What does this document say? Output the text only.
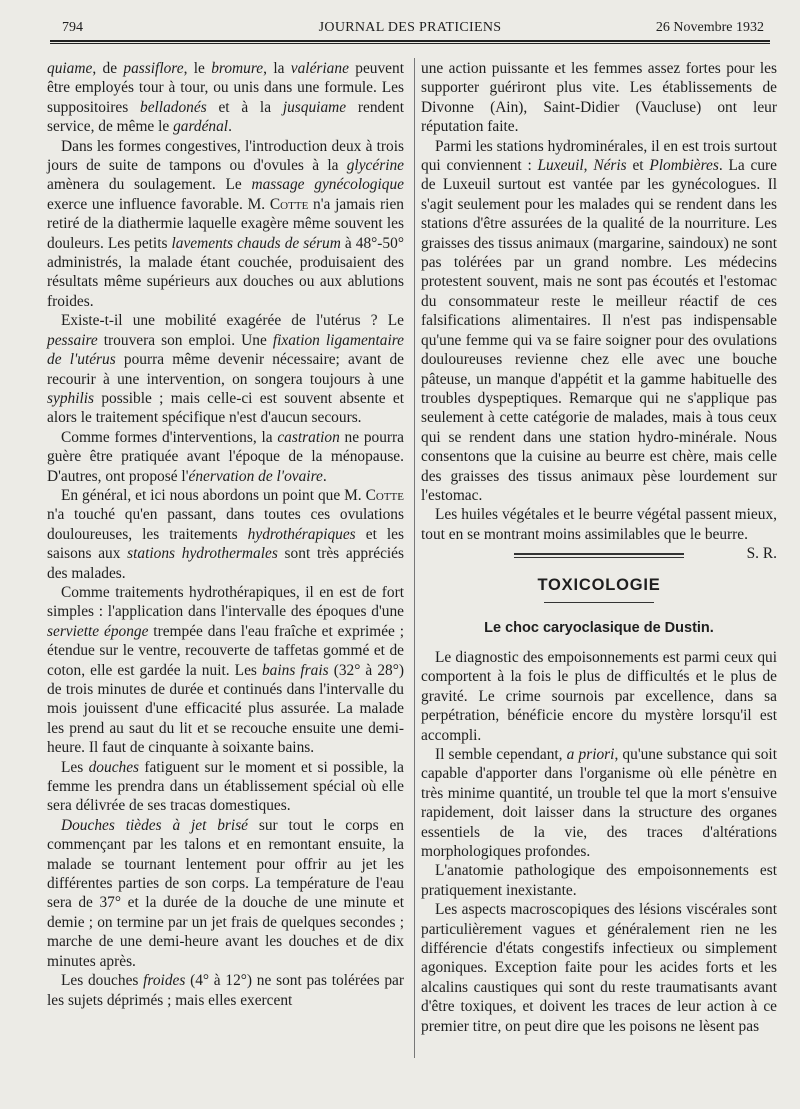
794	JOURNAL DES PRATICIENS	26 Novembre 1932

quiame, de passiflore, le bromure, la valériane peuvent être employés tour à tour, ou unis dans une formule. Les suppositoires belladonés et à la jusquiame rendent service, de même le gardénal.

Dans les formes congestives, l'introduction deux à trois jours de suite de tampons ou d'ovules à la glycérine amènera du soulagement. Le massage gynécologique exerce une influence favorable. M. Cotte n'a jamais rien retiré de la diathermie laquelle exagère même souvent les douleurs. Les petits lavements chauds de sérum à 48°-50° administrés, la malade étant couchée, produisaient des résultats même supérieurs aux douches ou aux ablutions froides.

Existe-t-il une mobilité exagérée de l'utérus ? Le pessaire trouvera son emploi. Une fixation ligamentaire de l'utérus pourra même devenir nécessaire; avant de recourir à une intervention, on songera toujours à une syphilis possible ; mais celle-ci est souvent absente et alors le traitement spécifique n'est d'aucun secours.

Comme formes d'interventions, la castration ne pourra guère être pratiquée avant l'époque de la ménopause. D'autres, ont proposé l'énervation de l'ovaire.

En général, et ici nous abordons un point que M. Cotte n'a touché qu'en passant, dans toutes ces ovulations douloureuses, les traitements hydrothérapiques et les saisons aux stations hydrothermales sont très appréciés des malades.

Comme traitements hydrothérapiques, il en est de fort simples : l'application dans l'intervalle des époques d'une serviette éponge trempée dans l'eau fraîche et exprimée ; étendue sur le ventre, recouverte de taffetas gommé et de coton, elle est gardée la nuit. Les bains frais (32° à 28°) de trois minutes de durée et continués dans l'intervalle du mois jouissent d'une efficacité plus assurée. La malade les prend au saut du lit et se recouche ensuite une demi-heure. Il faut de cinquante à soixante bains.

Les douches fatiguent sur le moment et si possible, la femme les prendra dans un établissement spécial où elle sera délivrée de ses tracas domestiques.

Douches tièdes à jet brisé sur tout le corps en commençant par les talons et en remontant ensuite, la malade se tournant lentement pour offrir au jet les différentes parties de son corps. La température de l'eau sera de 37° et la durée de la douche de une minute et demie ; on termine par un jet frais de quelques secondes ; marche de une demi-heure avant les douches et de dix minutes après.

Les douches froides (4° à 12°) ne sont pas tolérées par les sujets déprimés ; mais elles exercent

une action puissante et les femmes assez fortes pour les supporter guériront plus vite. Les établissements de Divonne (Ain), Saint-Didier (Vaucluse) ont leur réputation faite.

Parmi les stations hydrominérales, il en est trois surtout qui conviennent : Luxeuil, Néris et Plombières. La cure de Luxeuil surtout est vantée par les gynécologues. Il s'agit seulement pour les malades qui se rendent dans les stations d'être assurées de la qualité de la nourriture. Les graisses des tissus animaux (margarine, saindoux) ne sont pas tolérées par un grand nombre. Les médecins protestent souvent, mais ne sont pas écoutés et l'estomac du consommateur reste le meilleur réactif de ces falsifications alimentaires. Il n'est pas indispensable qu'une femme qui va se faire soigner pour des ovulations douloureuses revienne chez elle avec une bouche pâteuse, un manque d'appétit et la gamme habituelle des troubles dyspeptiques. Remarque qui ne s'applique pas seulement à cette catégorie de malades, mais à tous ceux qui se rendent dans une station hydro-minérale. Nous consentons que la cuisine au beurre est chère, mais celle des graisses des tissus animaux pèse lourdement sur l'estomac.

Les huiles végétales et le beurre végétal passent mieux, tout en se montrant moins assimilables que le beurre.
S. R.

TOXICOLOGIE
Le choc caryoclasique de Dustin.

Le diagnostic des empoisonnements est parmi ceux qui comportent à la fois le plus de difficultés et le plus de gravité. Le crime sournois par excellence, dans sa perpétration, bénéficie encore du mystère lorsqu'il est accompli.

Il semble cependant, a priori, qu'une substance qui soit capable d'apporter dans l'organisme où elle pénètre en très minime quantité, un trouble tel que la mort s'ensuive rapidement, doit laisser dans la structure des organes essentiels de la vie, des traces d'altérations morphologiques profondes.

L'anatomie pathologique des empoisonnements est pratiquement inexistante.

Les aspects macroscopiques des lésions viscérales sont particulièrement vagues et généralement rien ne les différencie d'états congestifs infectieux ou simplement agoniques. Exception faite pour les acides forts et les alcalins caustiques qui sont du reste traumatisants avant d'être toxiques, et doivent les traces de leur action à ce premier titre, on peut dire que les poisons ne lèsent pas
